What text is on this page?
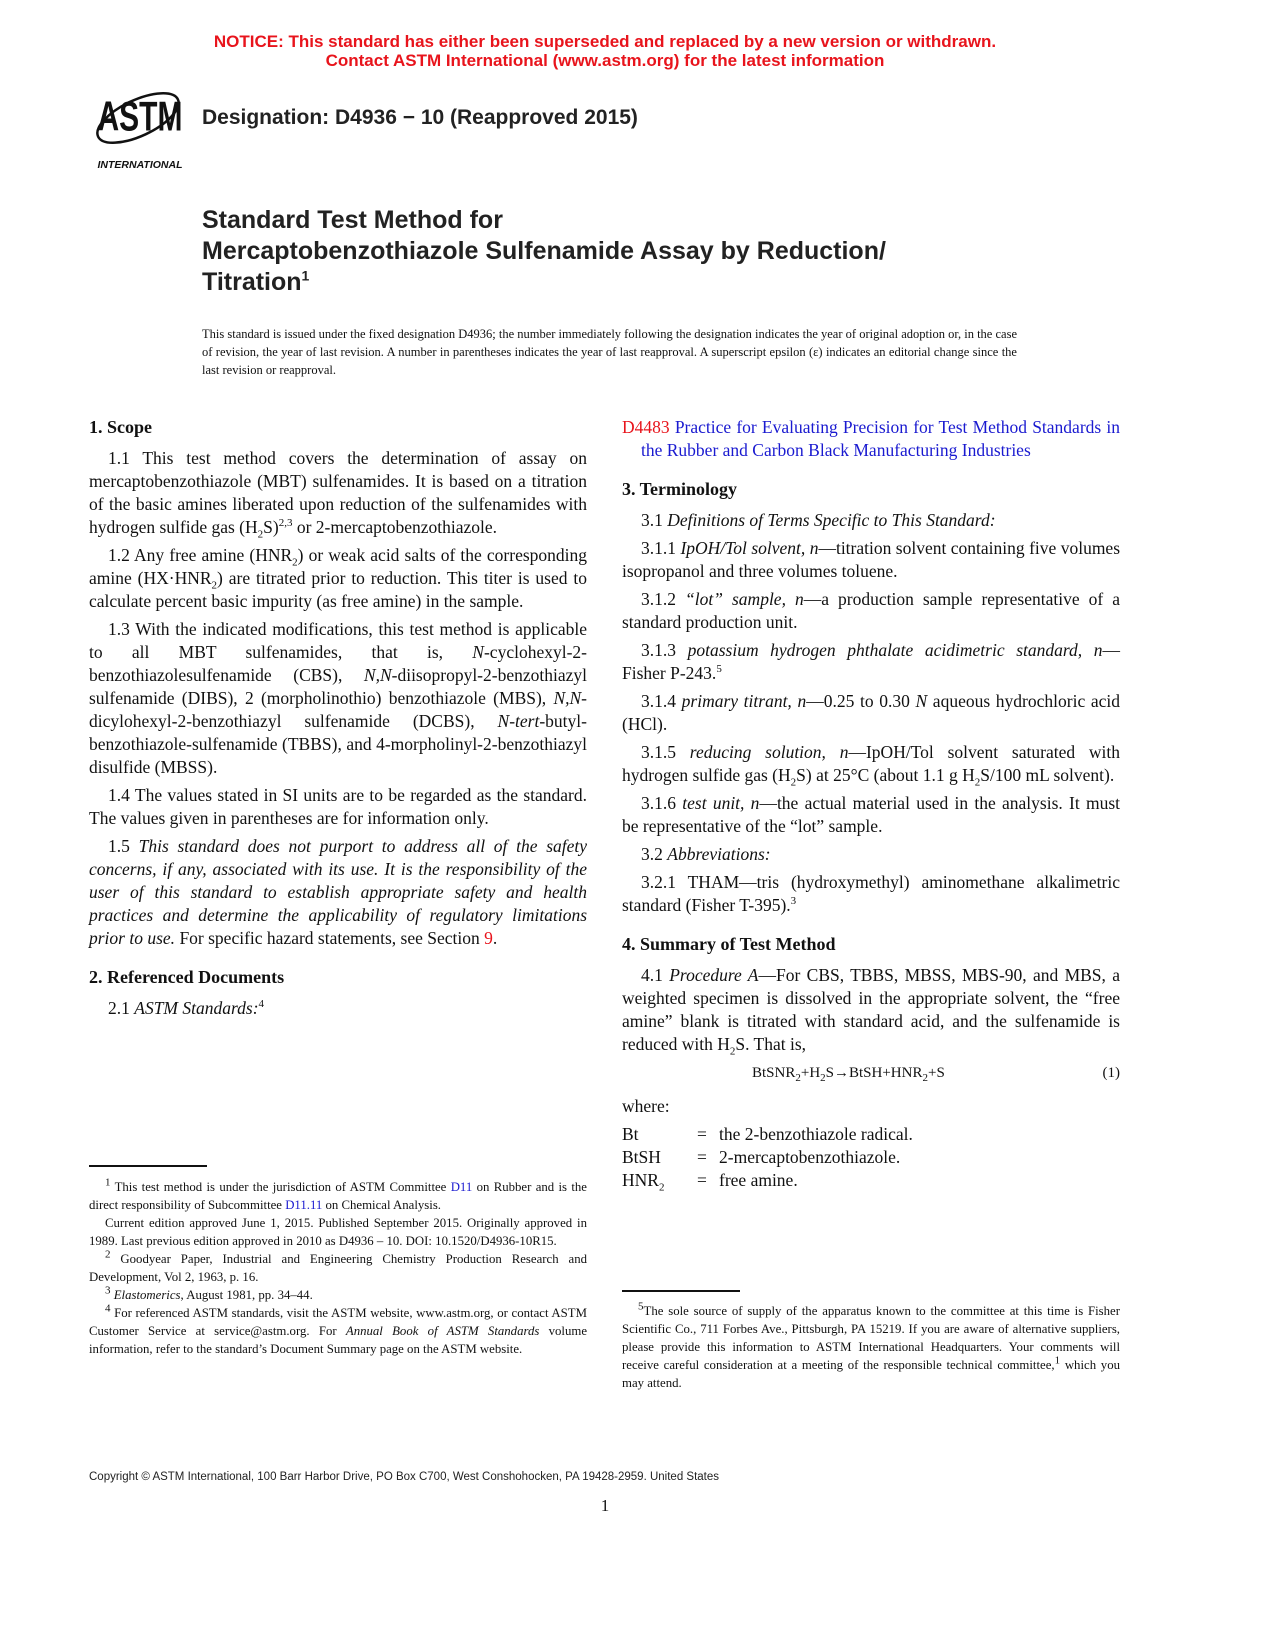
NOTICE: This standard has either been superseded and replaced by a new version or withdrawn.
Contact ASTM International (www.astm.org) for the latest information
ASTM
INTERNATIONAL
Designation: D4936 − 10 (Reapproved 2015)
Standard Test Method for
Mercaptobenzothiazole Sulfenamide Assay by Reduction/
Titration$^1$
This standard is issued under the fixed designation D4936; the number immediately following the designation indicates the year of original adoption or, in the case of revision, the year of last revision. A number in parentheses indicates the year of last reapproval. A superscript epsilon (ε) indicates an editorial change since the last revision or reapproval.
1. Scope

1.1 This test method covers the determination of assay on mercaptobenzothiazole (MBT) sulfenamides. It is based on a titration of the basic amines liberated upon reduction of the sulfenamides with hydrogen sulfide gas $(H_2S)^{2,3}$ or 2-mercaptobenzothiazole.

1.2 Any free amine $(HNR_2)$ or weak acid salts of the corresponding amine $(HX\cdot HNR_2)$ are titrated prior to reduction. This titer is used to calculate percent basic impurity (as free amine) in the sample.

1.3 With the indicated modifications, this test method is applicable to all MBT sulfenamides, that is, N-cyclohexyl-2-benzothiazolesulfenamide (CBS), N,N-diisopropyl-2-benzothiazyl sulfenamide (DIBS), 2 (morpholinothio) benzothiazole (MBS), N,N-dicylohexyl-2-benzothiazyl sulfenamide (DCBS), N-tert-butyl-benzothiazole-sulfenamide (TBBS), and 4-morpholinyl-2-benzothiazyl disulfide (MBSS).

1.4 The values stated in SI units are to be regarded as the standard. The values given in parentheses are for information only.

1.5 This standard does not purport to address all of the safety concerns, if any, associated with its use. It is the responsibility of the user of this standard to establish appropriate safety and health practices and determine the applicability of regulatory limitations prior to use. For specific hazard statements, see Section 9.

2. Referenced Documents

2.1 ASTM Standards:$^4$

D4483 Practice for Evaluating Precision for Test Method Standards in the Rubber and Carbon Black Manufacturing Industries

3. Terminology

3.1 Definitions of Terms Specific to This Standard:

3.1.1 IpOH/Tol solvent, n—titration solvent containing five volumes isopropanol and three volumes toluene.

3.1.2 “lot” sample, n—a production sample representative of a standard production unit.

3.1.3 potassium hydrogen phthalate acidimetric standard, n—Fisher P-243.$^5$

3.1.4 primary titrant, n—0.25 to 0.30 N aqueous hydrochloric acid (HCl).

3.1.5 reducing solution, n—IpOH/Tol solvent saturated with hydrogen sulfide gas $(H_2S)$ at 25°C (about 1.1 g $H_2S/100$ mL solvent).

3.1.6 test unit, n—the actual material used in the analysis. It must be representative of the “lot” sample.

3.2 Abbreviations:

3.2.1 THAM—tris (hydroxymethyl) aminomethane alkalimetric standard (Fisher T-395).$^3$

4. Summary of Test Method

4.1 Procedure A—For CBS, TBBS, MBSS, MBS-90, and MBS, a weighted specimen is dissolved in the appropriate solvent, the “free amine” blank is titrated with standard acid, and the sulfenamide is reduced with $H_2S$. That is,

$BtSNR_2+H_2S\to BtSH+HNR_2+S$	(1)

where:

Bt	= the 2-benzothiazole radical.
BtSH	= 2-mercaptobenzothiazole.
$HNR_2$	= free amine.

$^1$ This test method is under the jurisdiction of ASTM Committee D11 on Rubber and is the direct responsibility of Subcommittee D11.11 on Chemical Analysis.

Current edition approved June 1, 2015. Published September 2015. Originally approved in 1989. Last previous edition approved in 2010 as D4936 – 10. DOI: 10.1520/D4936-10R15.

$^2$ Goodyear Paper, Industrial and Engineering Chemistry Production Research and Development, Vol 2, 1963, p. 16.

$^3$ Elastomerics, August 1981, pp. 34–44.

$^4$ For referenced ASTM standards, visit the ASTM website, www.astm.org, or contact ASTM Customer Service at service@astm.org. For Annual Book of ASTM Standards volume information, refer to the standard’s Document Summary page on the ASTM website.

$^5$The sole source of supply of the apparatus known to the committee at this time is Fisher Scientific Co., 711 Forbes Ave., Pittsburgh, PA 15219. If you are aware of alternative suppliers, please provide this information to ASTM International Headquarters. Your comments will receive careful consideration at a meeting of the responsible technical committee,$^1$ which you may attend.

Copyright © ASTM International, 100 Barr Harbor Drive, PO Box C700, West Conshohocken, PA 19428-2959. United States
1
